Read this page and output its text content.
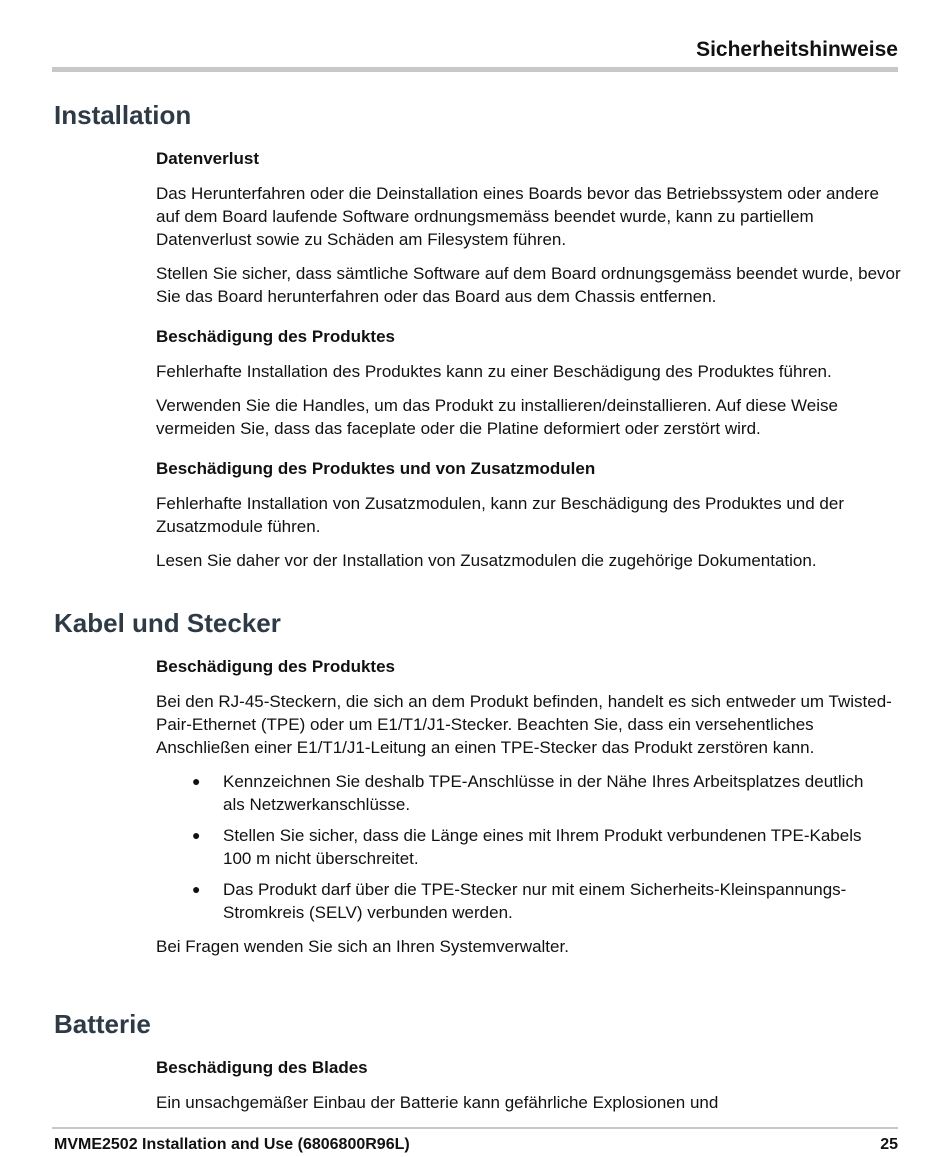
Sicherheitshinweise
Installation
Datenverlust

Das Herunterfahren oder die Deinstallation eines Boards bevor das Betriebssystem oder andere auf dem Board laufende Software ordnungsmemäss beendet wurde, kann zu partiellem Datenverlust sowie zu Schäden am Filesystem führen.

Stellen Sie sicher, dass sämtliche Software auf dem Board ordnungsgemäss beendet wurde, bevor Sie das Board herunterfahren oder das Board aus dem Chassis entfernen.

Beschädigung des Produktes

Fehlerhafte Installation des Produktes kann zu einer Beschädigung des Produktes führen.

Verwenden Sie die Handles, um das Produkt zu installieren/deinstallieren. Auf diese Weise vermeiden Sie, dass das faceplate oder die Platine deformiert oder zerstört wird.

Beschädigung des Produktes und von Zusatzmodulen

Fehlerhafte Installation von Zusatzmodulen, kann zur Beschädigung des Produktes und der Zusatzmodule führen.

Lesen Sie daher vor der Installation von Zusatzmodulen die zugehörige Dokumentation.

Kabel und Stecker
Beschädigung des Produktes

Bei den RJ-45-Steckern, die sich an dem Produkt befinden, handelt es sich entweder um Twisted-Pair-Ethernet (TPE) oder um E1/T1/J1-Stecker. Beachten Sie, dass ein versehentliches Anschließen einer E1/T1/J1-Leitung an einen TPE-Stecker das Produkt zerstören kann.

● Kennzeichnen Sie deshalb TPE-Anschlüsse in der Nähe Ihres Arbeitsplatzes deutlich als Netzwerkanschlüsse.
● Stellen Sie sicher, dass die Länge eines mit Ihrem Produkt verbundenen TPE-Kabels 100 m nicht überschreitet.
● Das Produkt darf über die TPE-Stecker nur mit einem Sicherheits-Kleinspannungs-Stromkreis (SELV) verbunden werden.

Bei Fragen wenden Sie sich an Ihren Systemverwalter.

Batterie
Beschädigung des Blades

Ein unsachgemäßer Einbau der Batterie kann gefährliche Explosionen und

MVME2502 Installation and Use (6806800R96L)	25
